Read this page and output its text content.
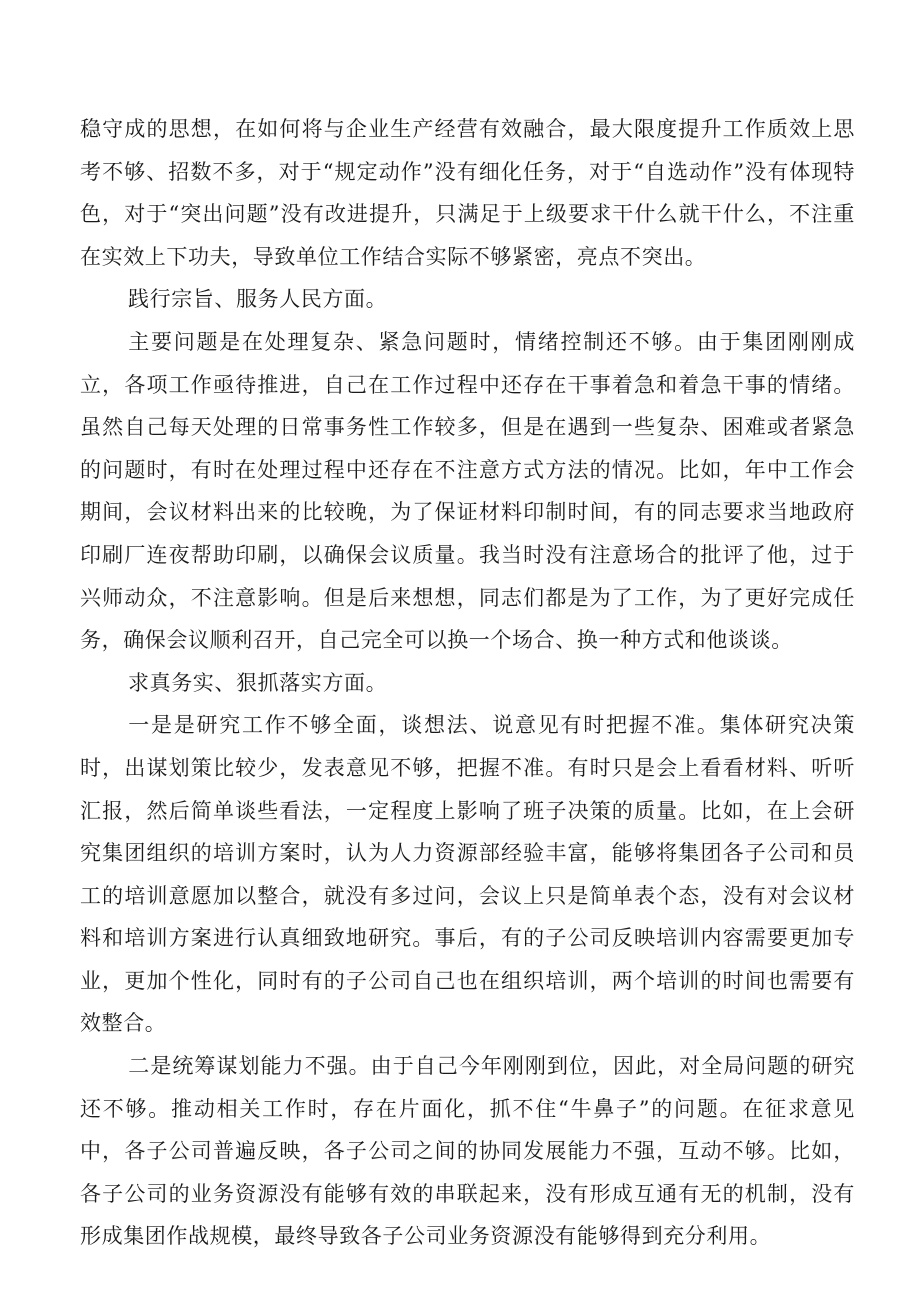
稳守成的思想，在如何将与企业生产经营有效融合，最大限度提升工作质效上思考不够、招数不多，对于“规定动作”没有细化任务，对于“自选动作”没有体现特色，对于“突出问题”没有改进提升，只满足于上级要求干什么就干什么，不注重在实效上下功夫，导致单位工作结合实际不够紧密，亮点不突出。

践行宗旨、服务人民方面。

主要问题是在处理复杂、紧急问题时，情绪控制还不够。由于集团刚刚成立，各项工作亟待推进，自己在工作过程中还存在干事着急和着急干事的情绪。虽然自己每天处理的日常事务性工作较多，但是在遇到一些复杂、困难或者紧急的问题时，有时在处理过程中还存在不注意方式方法的情况。比如，年中工作会期间，会议材料出来的比较晚，为了保证材料印制时间，有的同志要求当地政府印刷厂连夜帮助印刷，以确保会议质量。我当时没有注意场合的批评了他，过于兴师动众，不注意影响。但是后来想想，同志们都是为了工作，为了更好完成任务，确保会议顺利召开，自己完全可以换一个场合、换一种方式和他谈谈。

求真务实、狠抓落实方面。

一是是研究工作不够全面，谈想法、说意见有时把握不准。集体研究决策时，出谋划策比较少，发表意见不够，把握不准。有时只是会上看看材料、听听汇报，然后简单谈些看法，一定程度上影响了班子决策的质量。比如，在上会研究集团组织的培训方案时，认为人力资源部经验丰富，能够将集团各子公司和员工的培训意愿加以整合，就没有多过问，会议上只是简单表个态，没有对会议材料和培训方案进行认真细致地研究。事后，有的子公司反映培训内容需要更加专业，更加个性化，同时有的子公司自己也在组织培训，两个培训的时间也需要有效整合。

二是统筹谋划能力不强。由于自己今年刚刚到位，因此，对全局问题的研究还不够。推动相关工作时，存在片面化，抓不住“牛鼻子”的问题。在征求意见中，各子公司普遍反映，各子公司之间的协同发展能力不强，互动不够。比如，各子公司的业务资源没有能够有效的串联起来，没有形成互通有无的机制，没有形成集团作战规模，最终导致各子公司业务资源没有能够得到充分利用。
